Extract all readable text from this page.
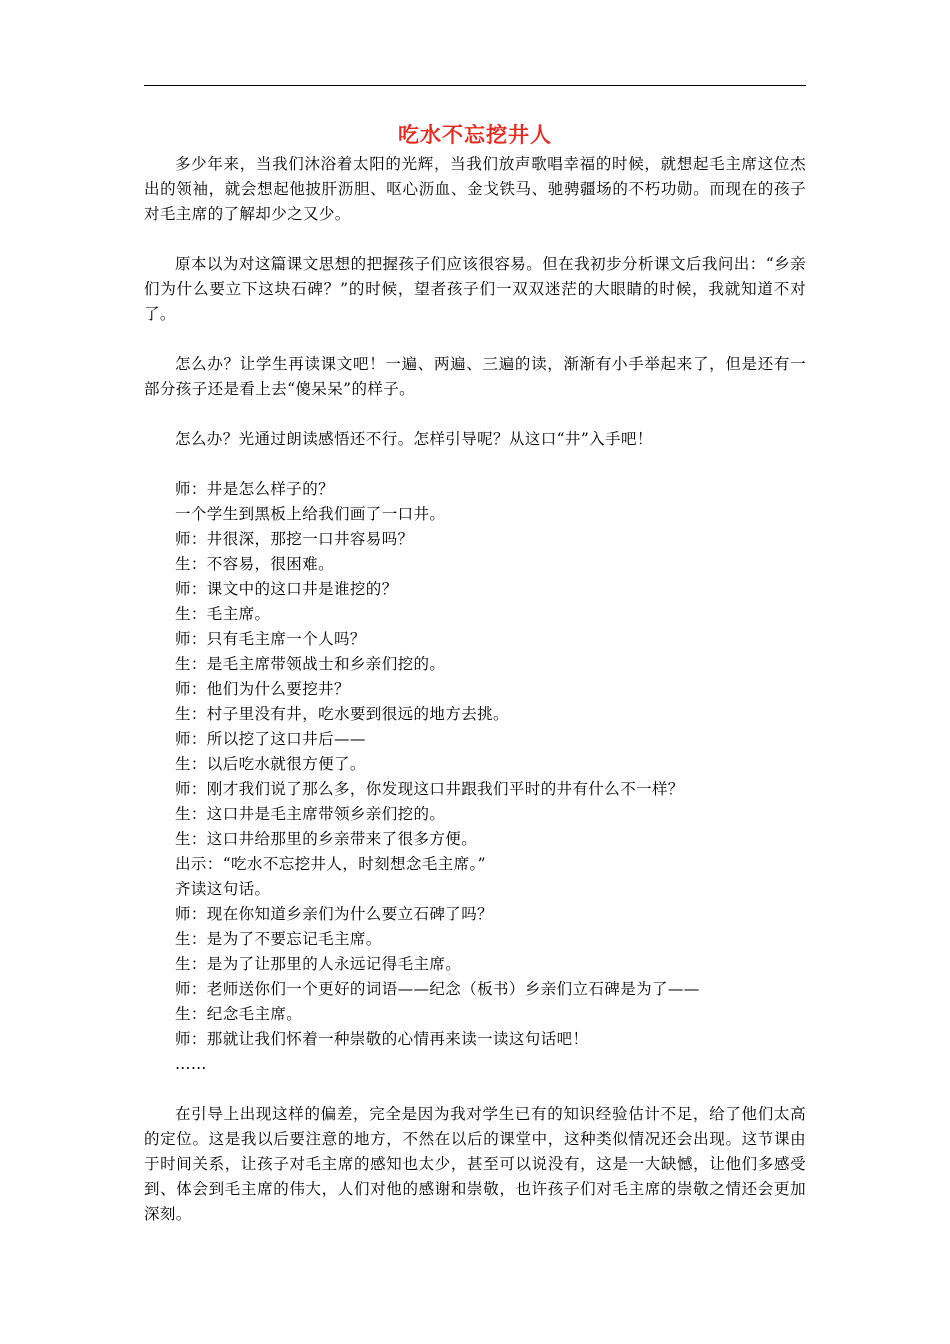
吃水不忘挖井人

多少年来，当我们沐浴着太阳的光辉，当我们放声歌唱幸福的时候，就想起毛主席这位杰出的领袖，就会想起他披肝沥胆、呕心沥血、金戈铁马、驰骋疆场的不朽功勋。而现在的孩子对毛主席的了解却少之又少。

原本以为对这篇课文思想的把握孩子们应该很容易。但在我初步分析课文后我问出：“乡亲们为什么要立下这块石碑？”的时候，望者孩子们一双双迷茫的大眼睛的时候，我就知道不对了。

怎么办？让学生再读课文吧！一遍、两遍、三遍的读，渐渐有小手举起来了，但是还有一部分孩子还是看上去“傻呆呆”的样子。

怎么办？光通过朗读感悟还不行。怎样引导呢？从这口“井”入手吧！

师：井是怎么样子的？
一个学生到黑板上给我们画了一口井。
师：井很深，那挖一口井容易吗？
生：不容易，很困难。
师：课文中的这口井是谁挖的？
生：毛主席。
师：只有毛主席一个人吗？
生：是毛主席带领战士和乡亲们挖的。
师：他们为什么要挖井？
生：村子里没有井，吃水要到很远的地方去挑。
师：所以挖了这口井后——
生：以后吃水就很方便了。
师：刚才我们说了那么多，你发现这口井跟我们平时的井有什么不一样？
生：这口井是毛主席带领乡亲们挖的。
生：这口井给那里的乡亲带来了很多方便。
出示：“吃水不忘挖井人，时刻想念毛主席。”
齐读这句话。
师：现在你知道乡亲们为什么要立石碑了吗？
生：是为了不要忘记毛主席。
生：是为了让那里的人永远记得毛主席。
师：老师送你们一个更好的词语——纪念（板书）乡亲们立石碑是为了——
生：纪念毛主席。
师：那就让我们怀着一种崇敬的心情再来读一读这句话吧！
……

在引导上出现这样的偏差，完全是因为我对学生已有的知识经验估计不足，给了他们太高的定位。这是我以后要注意的地方，不然在以后的课堂中，这种类似情况还会出现。这节课由于时间关系，让孩子对毛主席的感知也太少，甚至可以说没有，这是一大缺憾，让他们多感受到、体会到毛主席的伟大，人们对他的感谢和崇敬，也许孩子们对毛主席的崇敬之情还会更加深刻。
